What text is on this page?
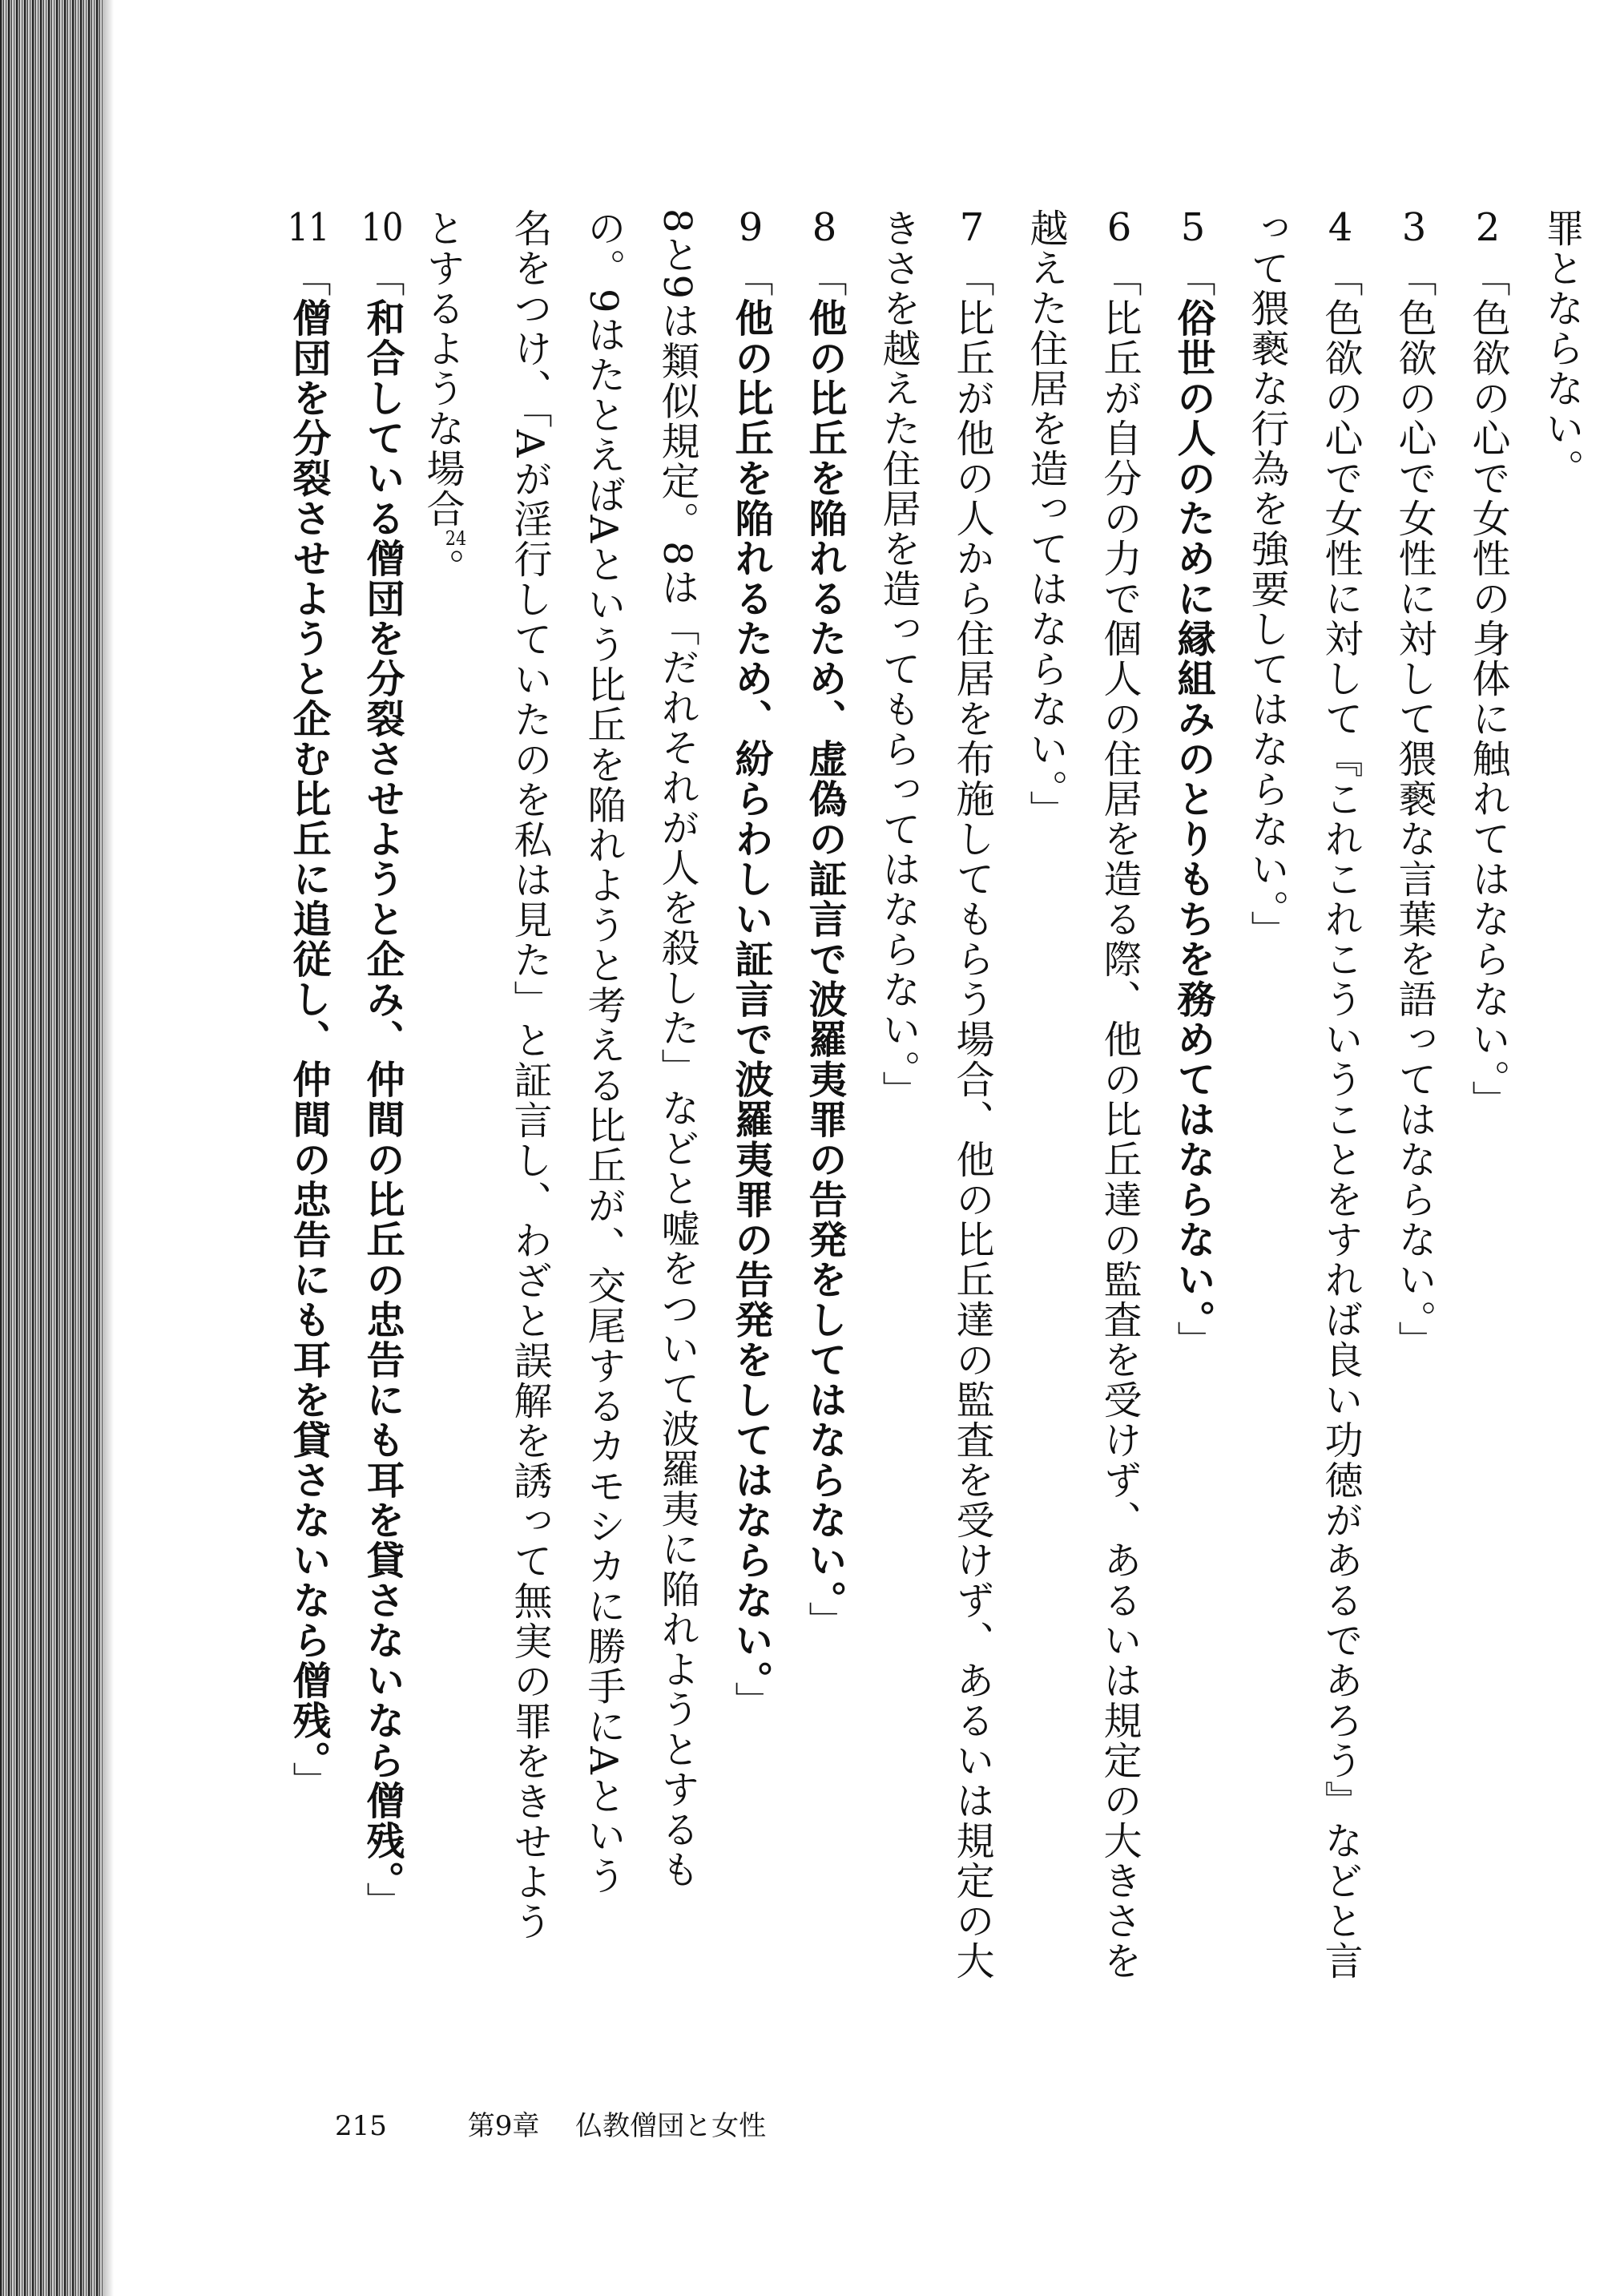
罪とならない。
2「色欲の心で女性の身体に触れてはならない。」
3「色欲の心で女性に対して猥褻な言葉を語ってはならない。」
4「色欲の心で女性に対して『これこれこういうことをすれば良い功徳があるであろう』などと言
って猥褻な行為を強要してはならない。」
5「俗世の人のために縁組みのとりもちを務めてはならない。」
6「比丘が自分の力で個人の住居を造る際、他の比丘達の監査を受けず、あるいは規定の大きさを
越えた住居を造ってはならない。」
7「比丘が他の人から住居を布施してもらう場合、他の比丘達の監査を受けず、あるいは規定の大
きさを越えた住居を造ってもらってはならない。」
8「他の比丘を陥れるため、虚偽の証言で波羅夷罪の告発をしてはならない。」
9「他の比丘を陥れるため、紛らわしい証言で波羅夷罪の告発をしてはならない。」
8と9は類似規定。8は「だれそれが人を殺した」などと嘘をついて波羅夷に陥れようとするも
の。9はたとえばAという比丘を陥れようと考える比丘が、交尾するカモシカに勝手にAという
名をつけ、「Aが淫行していたのを私は見た」と証言し、わざと誤解を誘って無実の罪をきせよう
とするような場合$^{24}$。
10「和合している僧団を分裂させようと企み、仲間の比丘の忠告にも耳を貸さないなら僧残。」
11「僧団を分裂させようと企む比丘に追従し、仲間の忠告にも耳を貸さないなら僧残。」
215	第9章 仏教僧団と女性
